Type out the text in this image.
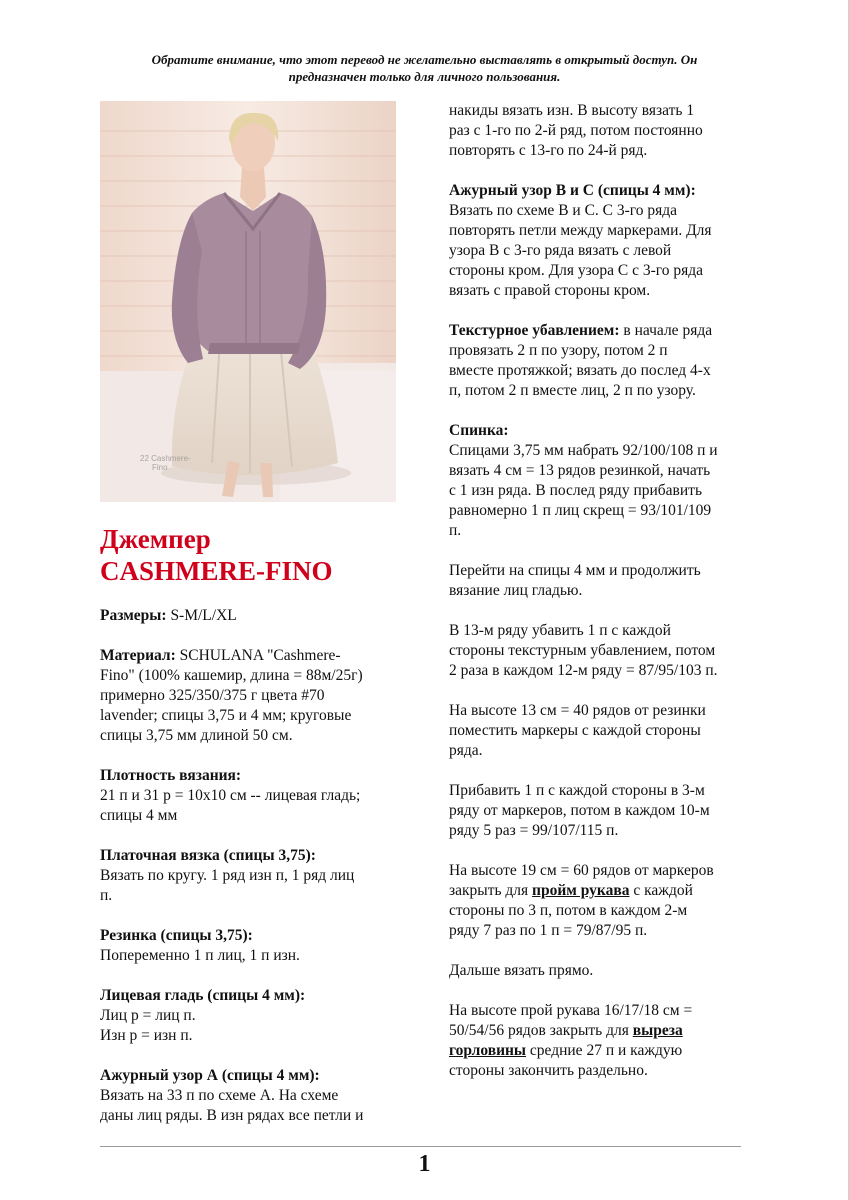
Обратите внимание, что этот перевод не желательно выставлять в открытый доступ. Он
предназначен только для личного пользования.
22 Cashmere-
Fino
Джемпер
CASHMERE-FINO
Размеры: S-M/L/XL
Материал: SCHULANA "Cashmere-
Fino" (100% кашемир, длина = 88м/25г)
примерно 325/350/375 г цвета #70
lavender; спицы 3,75 и 4 мм; круговые
спицы 3,75 мм длиной 50 см.
Плотность вязания:
21 п и 31 р = 10x10 см -- лицевая гладь;
спицы 4 мм
Платочная вязка (спицы 3,75):
Вязать по кругу. 1 ряд изн п, 1 ряд лиц
п.
Резинка (спицы 3,75):
Попеременно 1 п лиц, 1 п изн.
Лицевая гладь (спицы 4 мм):
Лиц р = лиц п.
Изн р = изн п.
Ажурный узор А (спицы 4 мм):
Вязать на 33 п по схеме А. На схеме
даны лиц ряды. В изн рядах все петли и
накиды вязать изн. В высоту вязать 1
раз с 1-го по 2-й ряд, потом постоянно
повторять с 13-го по 24-й ряд.
Ажурный узор В и С (спицы 4 мм):
Вязать по схеме В и С. С 3-го ряда
повторять петли между маркерами. Для
узора В с 3-го ряда вязать с левой
стороны кром. Для узора С с 3-го ряда
вязать с правой стороны кром.
Текстурное убавлением: в начале ряда
провязать 2 п по узору, потом 2 п
вместе протяжкой; вязать до послед 4-х
п, потом 2 п вместе лиц, 2 п по узору.
Спинка:
Спицами 3,75 мм набрать 92/100/108 п и
вязать 4 см = 13 рядов резинкой, начать
с 1 изн ряда. В послед ряду прибавить
равномерно 1 п лиц скрещ = 93/101/109
п.
Перейти на спицы 4 мм и продолжить
вязание лиц гладью.
В 13-м ряду убавить 1 п с каждой
стороны текстурным убавлением, потом
2 раза в каждом 12-м ряду = 87/95/103 п.
На высоте 13 см = 40 рядов от резинки
поместить маркеры с каждой стороны
ряда.
Прибавить 1 п с каждой стороны в 3-м
ряду от маркеров, потом в каждом 10-м
ряду 5 раз = 99/107/115 п.
На высоте 19 см = 60 рядов от маркеров
закрыть для пройм рукава с каждой
стороны по 3 п, потом в каждом 2-м
ряду 7 раз по 1 п = 79/87/95 п.
Дальше вязать прямо.
На высоте прой рукава 16/17/18 см =
50/54/56 рядов закрыть для выреза
горловины средние 27 п и каждую
стороны закончить раздельно.
1
